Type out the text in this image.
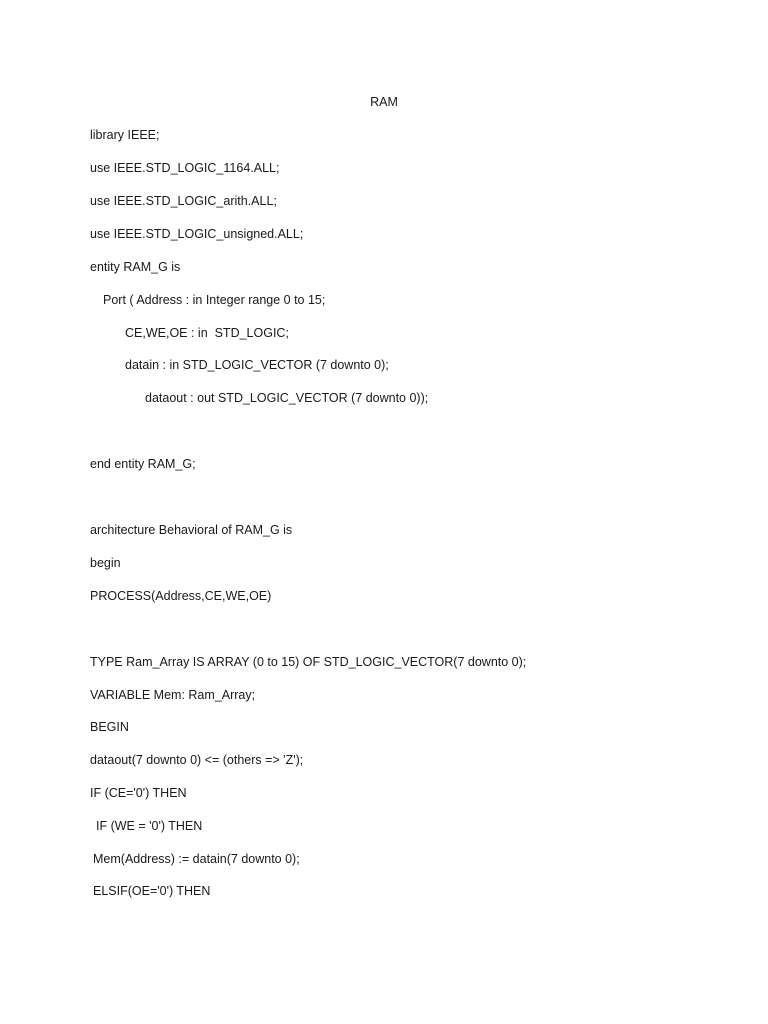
RAM
library IEEE;
use IEEE.STD_LOGIC_1164.ALL;
use IEEE.STD_LOGIC_arith.ALL;
use IEEE.STD_LOGIC_unsigned.ALL;
entity RAM_G is
Port ( Address : in Integer range 0 to 15;
CE,WE,OE : in  STD_LOGIC;
datain : in STD_LOGIC_VECTOR (7 downto 0);
dataout : out STD_LOGIC_VECTOR (7 downto 0));
end entity RAM_G;
architecture Behavioral of RAM_G is
begin
PROCESS(Address,CE,WE,OE)
TYPE Ram_Array IS ARRAY (0 to 15) OF STD_LOGIC_VECTOR(7 downto 0);
VARIABLE Mem: Ram_Array;
BEGIN
dataout(7 downto 0) <= (others => 'Z');
IF (CE='0') THEN
IF (WE = '0') THEN
Mem(Address) := datain(7 downto 0);
ELSIF(OE='0') THEN
